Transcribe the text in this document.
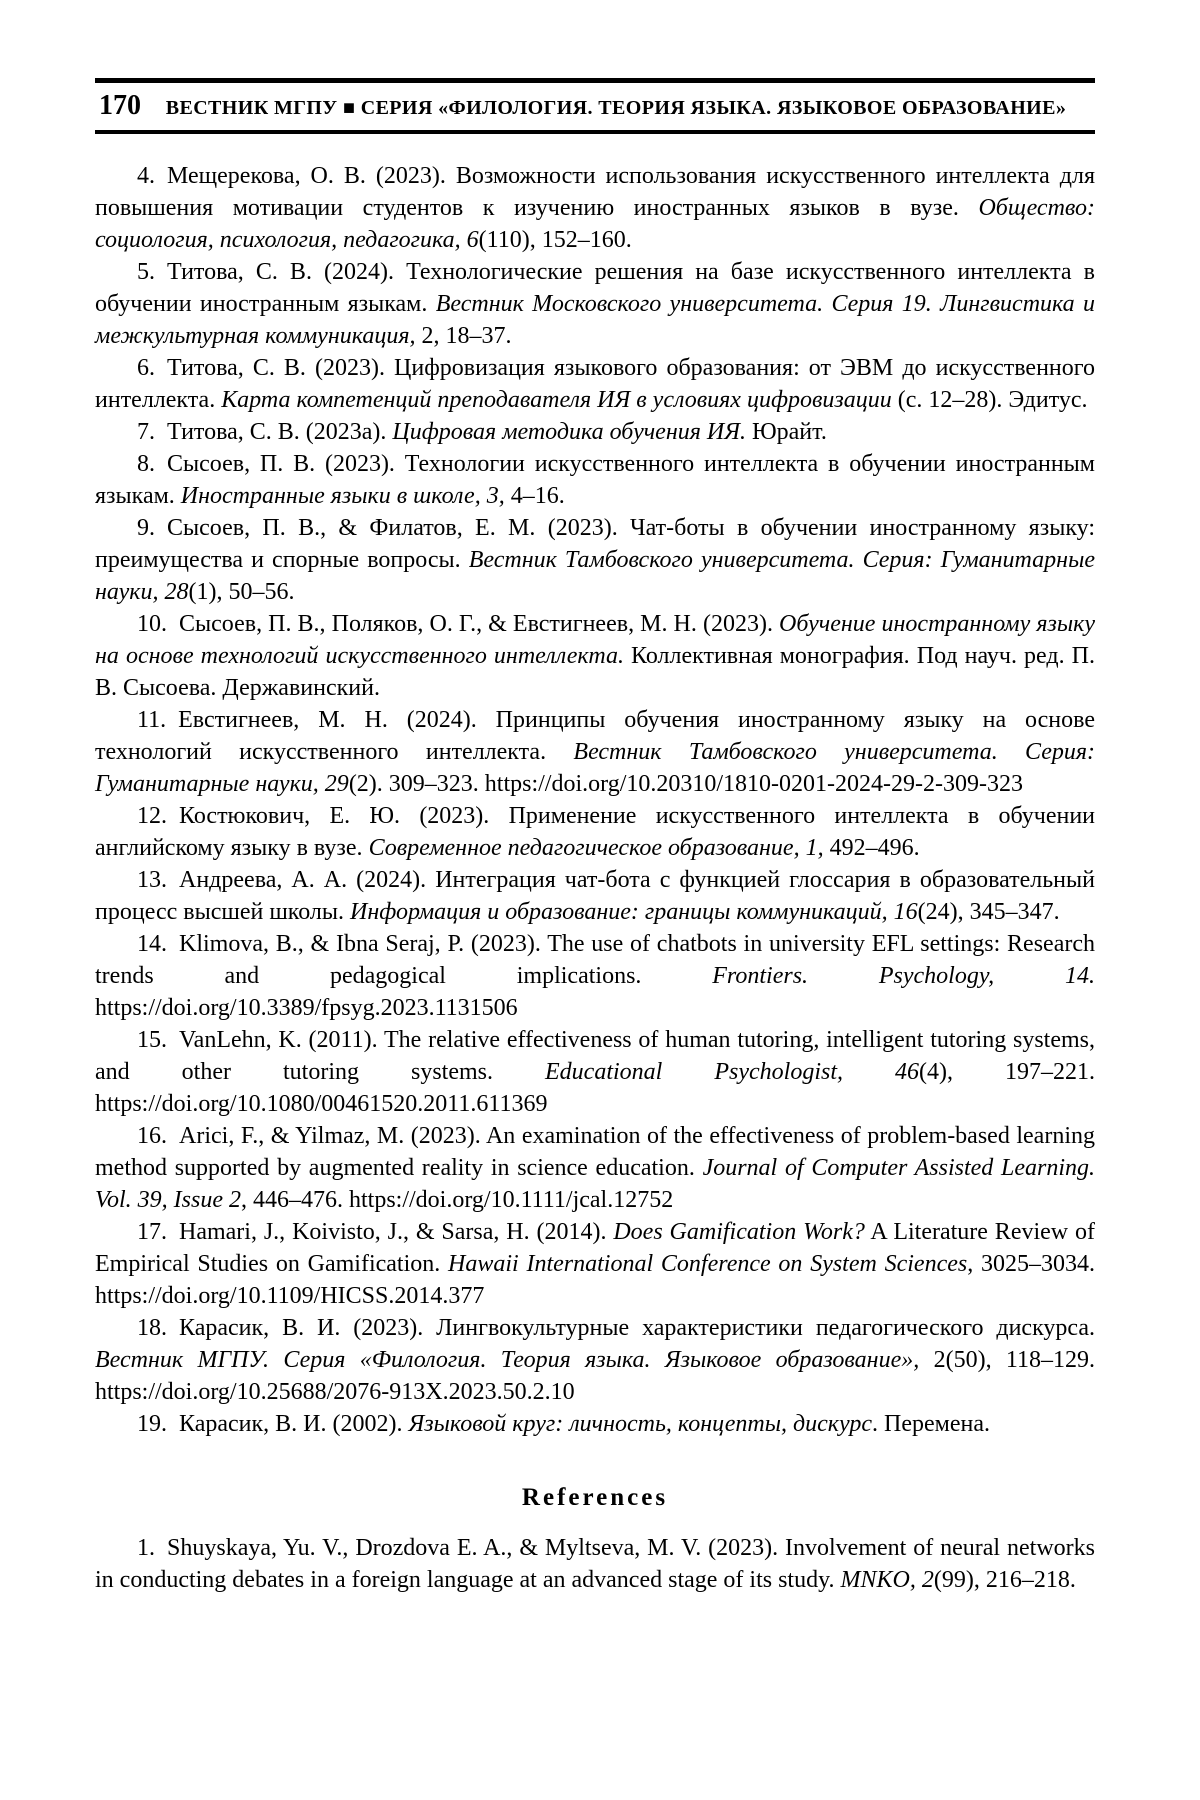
170	ВЕСТНИК МГПУ ■ СЕРИЯ «ФИЛОЛОГИЯ. ТЕОРИЯ ЯЗЫКА. ЯЗЫКОВОЕ ОБРАЗОВАНИЕ»

4. Мещерекова, О. В. (2023). Возможности использования искусственного интеллекта для повышения мотивации студентов к изучению иностранных языков в вузе. Общество: социология, психология, педагогика, 6(110), 152–160.

5. Титова, С. В. (2024). Технологические решения на базе искусственного интеллекта в обучении иностранным языкам. Вестник Московского университета. Серия 19. Лингвистика и межкультурная коммуникация, 2, 18–37.

6. Титова, С. В. (2023). Цифровизация языкового образования: от ЭВМ до искусственного интеллекта. Карта компетенций преподавателя ИЯ в условиях цифровизации (с. 12–28). Эдитус.

7. Титова, С. В. (2023а). Цифровая методика обучения ИЯ. Юрайт.

8. Сысоев, П. В. (2023). Технологии искусственного интеллекта в обучении иностранным языкам. Иностранные языки в школе, 3, 4–16.

9. Сысоев, П. В., & Филатов, Е. М. (2023). Чат-боты в обучении иностранному языку: преимущества и спорные вопросы. Вестник Тамбовского университета. Серия: Гуманитарные науки, 28(1), 50–56.

10. Сысоев, П. В., Поляков, О. Г., & Евстигнеев, М. Н. (2023). Обучение иностранному языку на основе технологий искусственного интеллекта. Коллективная монография. Под науч. ред. П. В. Сысоева. Державинский.

11. Евстигнеев, М. Н. (2024). Принципы обучения иностранному языку на основе технологий искусственного интеллекта. Вестник Тамбовского университета. Серия: Гуманитарные науки, 29(2). 309–323. https://doi.org/10.20310/1810-0201-2024-29-2-309-323

12. Костюкович, Е. Ю. (2023). Применение искусственного интеллекта в обучении английскому языку в вузе. Современное педагогическое образование, 1, 492–496.

13. Андреева, А. А. (2024). Интеграция чат-бота с функцией глоссария в образовательный процесс высшей школы. Информация и образование: границы коммуникаций, 16(24), 345–347.

14. Klimova, B., & Ibna Seraj, P. (2023). The use of chatbots in university EFL settings: Research trends and pedagogical implications. Frontiers. Psychology, 14. https://doi.org/10.3389/fpsyg.2023.1131506

15. VanLehn, K. (2011). The relative effectiveness of human tutoring, intelligent tutoring systems, and other tutoring systems. Educational Psychologist, 46(4), 197–221. https://doi.org/10.1080/00461520.2011.611369

16. Arici, F., & Yilmaz, M. (2023). An examination of the effectiveness of problem-based learning method supported by augmented reality in science education. Journal of Computer Assisted Learning. Vol. 39, Issue 2, 446–476. https://doi.org/10.1111/jcal.12752

17. Hamari, J., Koivisto, J., & Sarsa, H. (2014). Does Gamification Work? A Literature Review of Empirical Studies on Gamification. Hawaii International Conference on System Sciences, 3025–3034. https://doi.org/10.1109/HICSS.2014.377

18. Карасик, В. И. (2023). Лингвокультурные характеристики педагогического дискурса. Вестник МГПУ. Серия «Филология. Теория языка. Языковое образование», 2(50), 118–129. https://doi.org/10.25688/2076-913X.2023.50.2.10

19. Карасик, В. И. (2002). Языковой круг: личность, концепты, дискурс. Перемена.

References

1. Shuyskaya, Yu. V., Drozdova E. A., & Myltseva, M. V. (2023). Involvement of neural networks in conducting debates in a foreign language at an advanced stage of its study. MNKO, 2(99), 216–218.
